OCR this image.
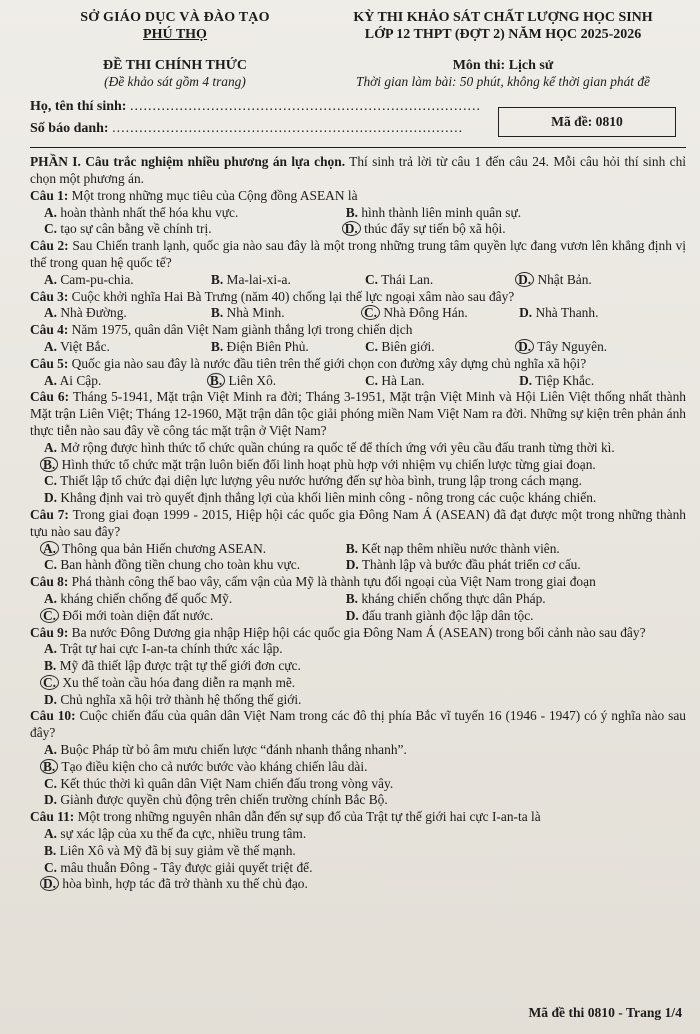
SỞ GIÁO DỤC VÀ ĐÀO TẠO
PHÚ THỌ
ĐỀ THI CHÍNH THỨC
(Đề khảo sát gồm 4 trang)
KỲ THI KHẢO SÁT CHẤT LƯỢNG HỌC SINH
LỚP 12 THPT (ĐỢT 2) NĂM HỌC 2025-2026
Môn thi: Lịch sử
Thời gian làm bài: 50 phút, không kể thời gian phát đề
Họ, tên thí sinh: ..............................................................................
Số báo danh: ..............................................................................	Mã đề: 0810
PHẦN I. Câu trắc nghiệm nhiều phương án lựa chọn. Thí sinh trả lời từ câu 1 đến câu 24. Mỗi câu hỏi thí sinh chỉ chọn một phương án.
Câu 1: Một trong những mục tiêu của Cộng đồng ASEAN là
A. hoàn thành nhất thể hóa khu vực.	B. hình thành liên minh quân sự.
C. tạo sự cân bằng về chính trị.	D. thúc đẩy sự tiến bộ xã hội.
Câu 2: Sau Chiến tranh lạnh, quốc gia nào sau đây là một trong những trung tâm quyền lực đang vươn lên khẳng định vị thế trong quan hệ quốc tế?
A. Cam-pu-chia.	B. Ma-lai-xi-a.	C. Thái Lan.	D. Nhật Bản.
Câu 3: Cuộc khởi nghĩa Hai Bà Trưng (năm 40) chống lại thế lực ngoại xâm nào sau đây?
A. Nhà Đường.	B. Nhà Minh.	C. Nhà Đông Hán.	D. Nhà Thanh.
Câu 4: Năm 1975, quân dân Việt Nam giành thắng lợi trong chiến dịch
A. Việt Bắc.	B. Điện Biên Phủ.	C. Biên giới.	D. Tây Nguyên.
Câu 5: Quốc gia nào sau đây là nước đầu tiên trên thế giới chọn con đường xây dựng chủ nghĩa xã hội?
A. Ai Cập.	B. Liên Xô.	C. Hà Lan.	D. Tiệp Khắc.
Câu 6: Tháng 5-1941, Mặt trận Việt Minh ra đời; Tháng 3-1951, Mặt trận Việt Minh và Hội Liên Việt thống nhất thành Mặt trận Liên Việt; Tháng 12-1960, Mặt trận dân tộc giải phóng miền Nam Việt Nam ra đời. Những sự kiện trên phản ánh thực tiễn nào sau đây về công tác mặt trận ở Việt Nam?
A. Mở rộng được hình thức tổ chức quần chúng ra quốc tế để thích ứng với yêu cầu đấu tranh từng thời kì.
B. Hình thức tổ chức mặt trận luôn biến đổi linh hoạt phù hợp với nhiệm vụ chiến lược từng giai đoạn.
C. Thiết lập tổ chức đại diện lực lượng yêu nước hướng đến sự hòa bình, trung lập trong cách mạng.
D. Khẳng định vai trò quyết định thắng lợi của khối liên minh công - nông trong các cuộc kháng chiến.
Câu 7: Trong giai đoạn 1999 - 2015, Hiệp hội các quốc gia Đông Nam Á (ASEAN) đã đạt được một trong những thành tựu nào sau đây?
A. Thông qua bản Hiến chương ASEAN.	B. Kết nạp thêm nhiều nước thành viên.
C. Ban hành đồng tiền chung cho toàn khu vực.	D. Thành lập và bước đầu phát triển cơ cấu.
Câu 8: Phá thành công thế bao vây, cấm vận của Mỹ là thành tựu đối ngoại của Việt Nam trong giai đoạn
A. kháng chiến chống đế quốc Mỹ.	B. kháng chiến chống thực dân Pháp.
C. Đổi mới toàn diện đất nước.	D. đấu tranh giành độc lập dân tộc.
Câu 9: Ba nước Đông Dương gia nhập Hiệp hội các quốc gia Đông Nam Á (ASEAN) trong bối cảnh nào sau đây?
A. Trật tự hai cực I-an-ta chính thức xác lập.
B. Mỹ đã thiết lập được trật tự thế giới đơn cực.
C. Xu thế toàn cầu hóa đang diễn ra mạnh mẽ.
D. Chủ nghĩa xã hội trở thành hệ thống thế giới.
Câu 10: Cuộc chiến đấu của quân dân Việt Nam trong các đô thị phía Bắc vĩ tuyến 16 (1946 - 1947) có ý nghĩa nào sau đây?
A. Buộc Pháp từ bỏ âm mưu chiến lược “đánh nhanh thắng nhanh”.
B. Tạo điều kiện cho cả nước bước vào kháng chiến lâu dài.
C. Kết thúc thời kì quân dân Việt Nam chiến đấu trong vòng vây.
D. Giành được quyền chủ động trên chiến trường chính Bắc Bộ.
Câu 11: Một trong những nguyên nhân dẫn đến sự sụp đổ của Trật tự thế giới hai cực I-an-ta là
A. sự xác lập của xu thế đa cực, nhiều trung tâm.
B. Liên Xô và Mỹ đã bị suy giảm về thế mạnh.
C. mâu thuẫn Đông - Tây được giải quyết triệt để.
D. hòa bình, hợp tác đã trở thành xu thế chủ đạo.
Mã đề thi 0810 - Trang 1/4
